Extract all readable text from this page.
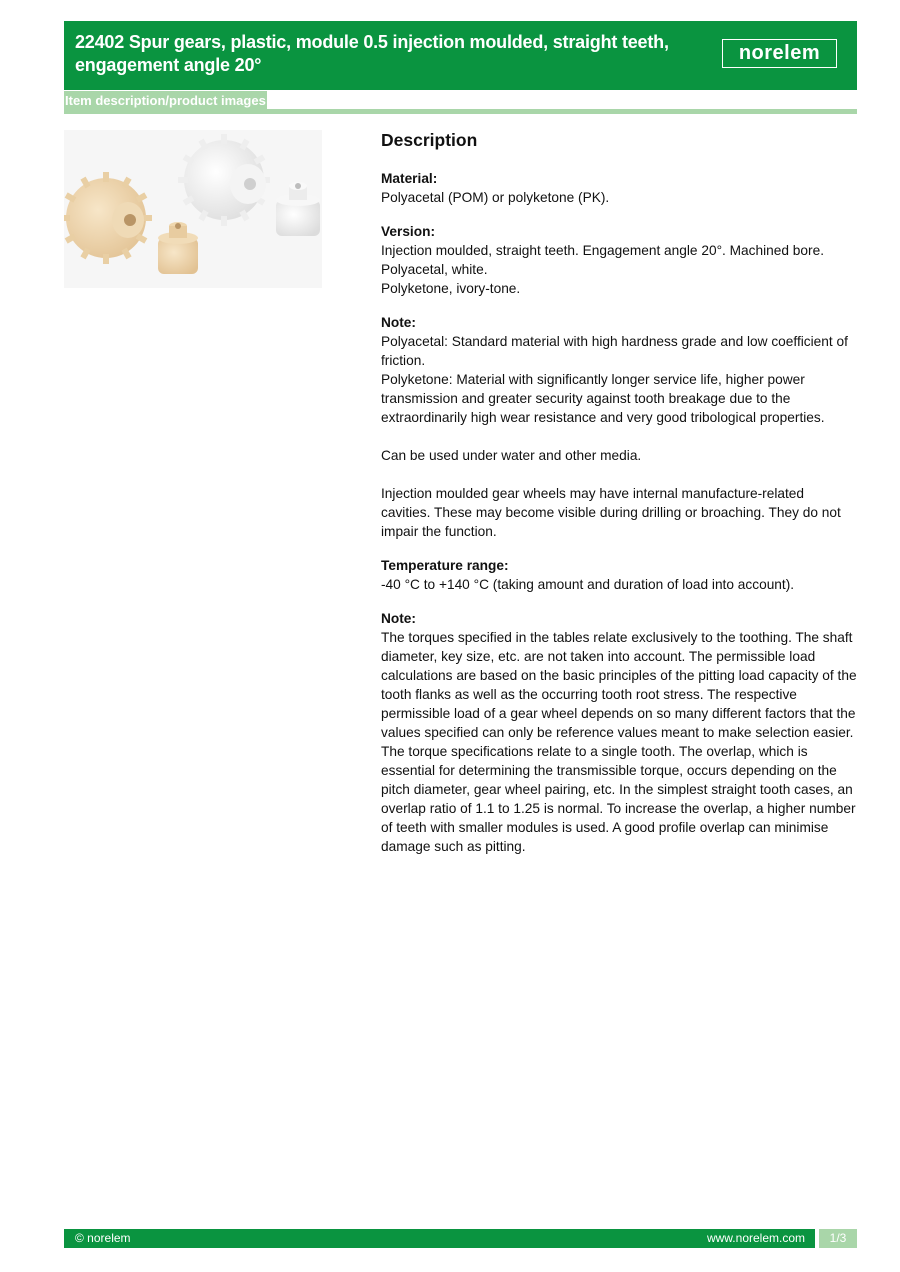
22402 Spur gears, plastic, module 0.5 injection moulded, straight teeth, engagement angle 20°
norelem
Item description/product images
Description

Material:

Polyacetal (POM) or polyketone (PK).

Version:

Injection moulded, straight teeth. Engagement angle 20°. Machined bore.

Polyacetal, white.

Polyketone, ivory-tone.

Note:

Polyacetal: Standard material with high hardness grade and low coefficient of friction.

Polyketone: Material with significantly longer service life, higher power transmission and greater security against tooth breakage due to the extraordinarily high wear resistance and very good tribological properties.

Can be used under water and other media.

Injection moulded gear wheels may have internal manufacture-related cavities. These may become visible during drilling or broaching. They do not impair the function.

Temperature range:

-40 °C to +140 °C (taking amount and duration of load into account).

Note:

The torques specified in the tables relate exclusively to the toothing. The shaft diameter, key size, etc. are not taken into account. The permissible load calculations are based on the basic principles of the pitting load capacity of the tooth flanks as well as the occurring tooth root stress. The respective permissible load of a gear wheel depends on so many different factors that the values specified can only be reference values meant to make selection easier. The torque specifications relate to a single tooth. The overlap, which is essential for determining the transmissible torque, occurs depending on the pitch diameter, gear wheel pairing, etc. In the simplest straight tooth cases, an overlap ratio of 1.1 to 1.25 is normal. To increase the overlap, a higher number of teeth with smaller modules is used. A good profile overlap can minimise damage such as pitting.

© norelem	www.norelem.com	1/3
